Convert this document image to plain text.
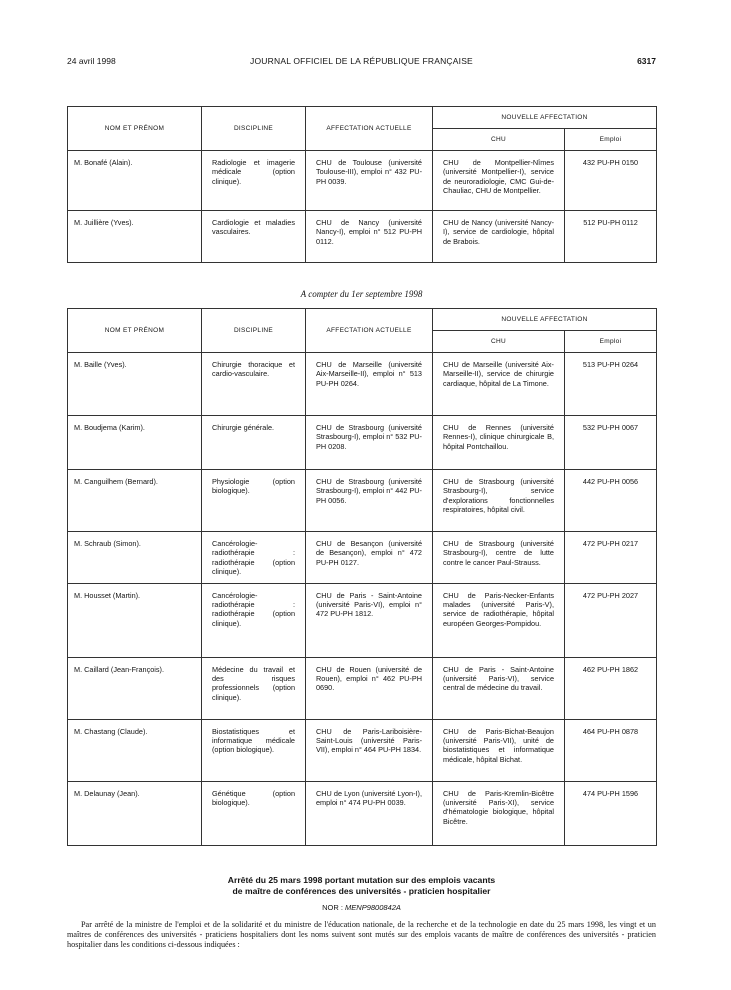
24 avril 1998	JOURNAL OFFICIEL DE LA RÉPUBLIQUE FRANÇAISE	6317
NOM ET PRÉNOM	DISCIPLINE	AFFECTATION ACTUELLE	NOUVELLE AFFECTATION	
			CHU	Emploi
M. Bonafé (Alain).	Radiologie et imagerie médicale (option clinique).	CHU de Toulouse (université Toulouse-III), emploi n° 432 PU-PH 0039.	CHU de Montpellier-Nîmes (université Montpellier-I), service de neuroradiologie, CMC Gui-de-Chauliac, CHU de Montpellier.	432 PU-PH 0150
M. Juillière (Yves).	Cardiologie et maladies vasculaires.	CHU de Nancy (université Nancy-I), emploi n° 512 PU-PH 0112.	CHU de Nancy (université Nancy-I), service de cardiologie, hôpital de Brabois.	512 PU-PH 0112
A compter du 1er septembre 1998
NOM ET PRÉNOM	DISCIPLINE	AFFECTATION ACTUELLE	NOUVELLE AFFECTATION	
			CHU	Emploi
M. Baille (Yves).	Chirurgie thoracique et cardio-vasculaire.	CHU de Marseille (université Aix-Marseille-II), emploi n° 513 PU-PH 0264.	CHU de Marseille (université Aix-Marseille-II), service de chirurgie cardiaque, hôpital de La Timone.	513 PU-PH 0264
M. Boudjema (Karim).	Chirurgie générale.	CHU de Strasbourg (université Strasbourg-I), emploi n° 532 PU-PH 0208.	CHU de Rennes (université Rennes-I), clinique chirurgicale B, hôpital Pontchaillou.	532 PU-PH 0067
M. Canguilhem (Bernard).	Physiologie (option biologique).	CHU de Strasbourg (université Strasbourg-I), emploi n° 442 PU-PH 0056.	CHU de Strasbourg (université Strasbourg-I), service d'explorations fonctionnelles respiratoires, hôpital civil.	442 PU-PH 0056
M. Schraub (Simon).	Cancérologie-radiothérapie : radiothérapie (option clinique).	CHU de Besançon (université de Besançon), emploi n° 472 PU-PH 0127.	CHU de Strasbourg (université Strasbourg-I), centre de lutte contre le cancer Paul-Strauss.	472 PU-PH 0217
M. Housset (Martin).	Cancérologie-radiothérapie : radiothérapie (option clinique).	CHU de Paris - Saint-Antoine (université Paris-VI), emploi n° 472 PU-PH 1812.	CHU de Paris-Necker-Enfants malades (université Paris-V), service de radiothérapie, hôpital européen Georges-Pompidou.	472 PU-PH 2027
M. Caillard (Jean-François).	Médecine du travail et des risques professionnels (option clinique).	CHU de Rouen (université de Rouen), emploi n° 462 PU-PH 0690.	CHU de Paris - Saint-Antoine (université Paris-VI), service central de médecine du travail.	462 PU-PH 1862
M. Chastang (Claude).	Biostatistiques et informatique médicale (option biologique).	CHU de Paris-Lariboisière-Saint-Louis (université Paris-VII), emploi n° 464 PU-PH 1834.	CHU de Paris-Bichat-Beaujon (université Paris-VII), unité de biostatistiques et informatique médicale, hôpital Bichat.	464 PU-PH 0878
M. Delaunay (Jean).	Génétique (option biologique).	CHU de Lyon (université Lyon-I), emploi n° 474 PU-PH 0039.	CHU de Paris-Kremlin-Bicêtre (université Paris-XI), service d'hématologie biologique, hôpital Bicêtre.	474 PU-PH 1596
Arrêté du 25 mars 1998 portant mutation sur des emplois vacants
de maître de conférences des universités - praticien hospitalier
NOR : MENP9800842A
Par arrêté de la ministre de l'emploi et de la solidarité et du ministre de l'éducation nationale, de la recherche et de la technologie en date du 25 mars 1998, les vingt et un maîtres de conférences des universités - praticiens hospitaliers dont les noms suivent sont mutés sur des emplois vacants de maître de conférences des universités - praticien hospitalier dans les conditions ci-dessous indiquées :
